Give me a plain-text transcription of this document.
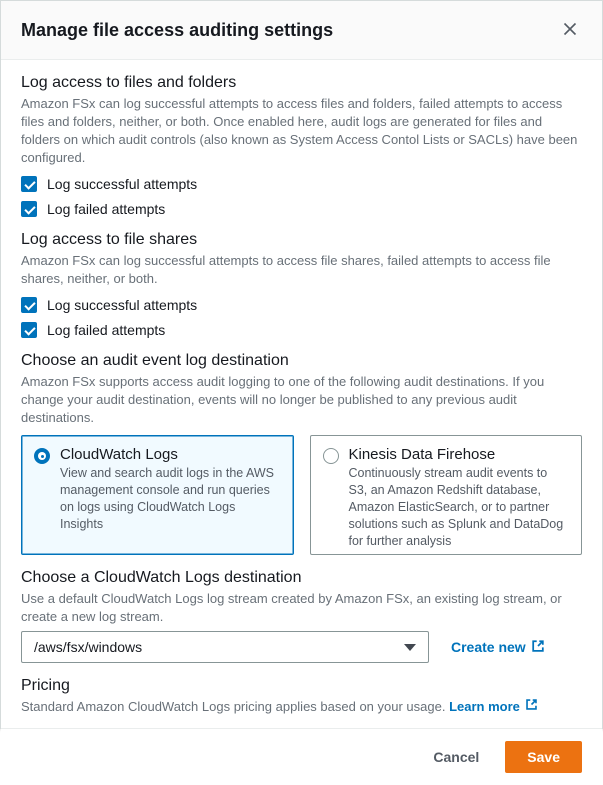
Manage file access auditing settings
Log access to files and folders

Amazon FSx can log successful attempts to access files and folders, failed attempts to access files and folders, neither, or both. Once enabled here, audit logs are generated for files and folders on which audit controls (also known as System Access Contol Lists or SACLs) have been configured.

Log successful attempts
Log failed attempts
Log access to file shares

Amazon FSx can log successful attempts to access file shares, failed attempts to access file shares, neither, or both.

Log successful attempts
Log failed attempts
Choose an audit event log destination

Amazon FSx supports access audit logging to one of the following audit destinations. If you change your audit destination, events will no longer be published to any previous audit destinations.

CloudWatch Logs
View and search audit logs in the AWS management console and run queries on logs using CloudWatch Logs Insights
Kinesis Data Firehose
Continuously stream audit events to S3, an Amazon Redshift database, Amazon ElasticSearch, or to partner solutions such as Splunk and DataDog for further analysis
Choose a CloudWatch Logs destination

Use a default CloudWatch Logs log stream created by Amazon FSx, an existing log stream, or create a new log stream.

/aws/fsx/windows	Create new
Pricing

Standard Amazon CloudWatch Logs pricing applies based on your usage. Learn more

Cancel	Save
